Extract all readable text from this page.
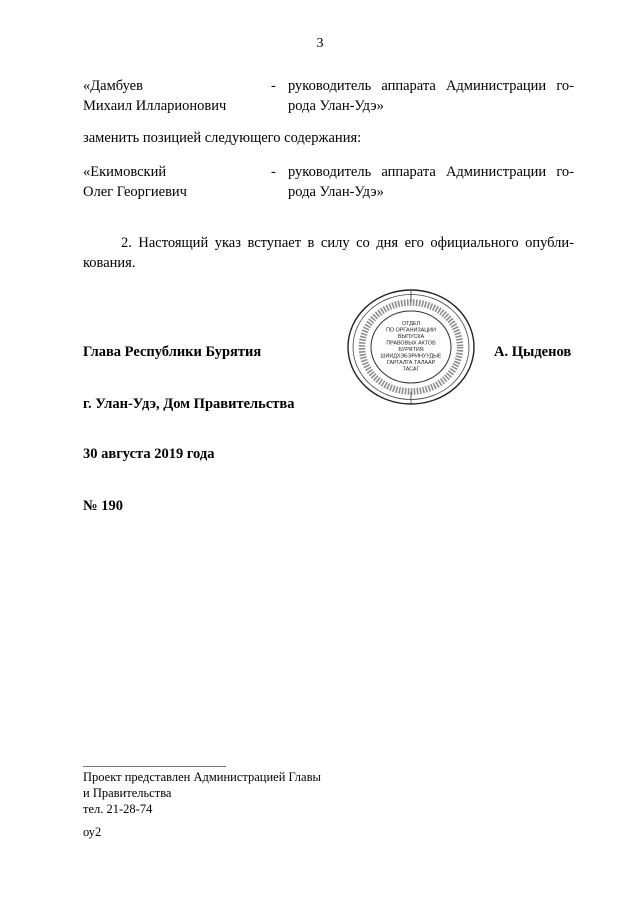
3
«Дамбуев
Михаил Илларионович
- руководитель аппарата Администрации го-
рода Улан-Удэ»
заменить позицией следующего содержания:
«Екимовский
Олег Георгиевич
- руководитель аппарата Администрации го-
рода Улан-Удэ»
2. Настоящий указ вступает в силу со дня его официального опубли-
кования.
ОТДЕЛ
ПО ОРГАНИЗАЦИИ
ВЫПУСКА
ПРАВОВЫХ АКТОВ
БУРЯТИЯ
ШИИДХЭБЭРИНУУДЫЕ
ГАРГАЛГА ТАЛААР
ТАСАГ
Глава Республики Бурятия	А. Цыденов
г. Улан-Удэ, Дом Правительства
30 августа 2019 года
№ 190
Проект представлен Администрацией Главы
и Правительства
тел. 21-28-74
оу2
